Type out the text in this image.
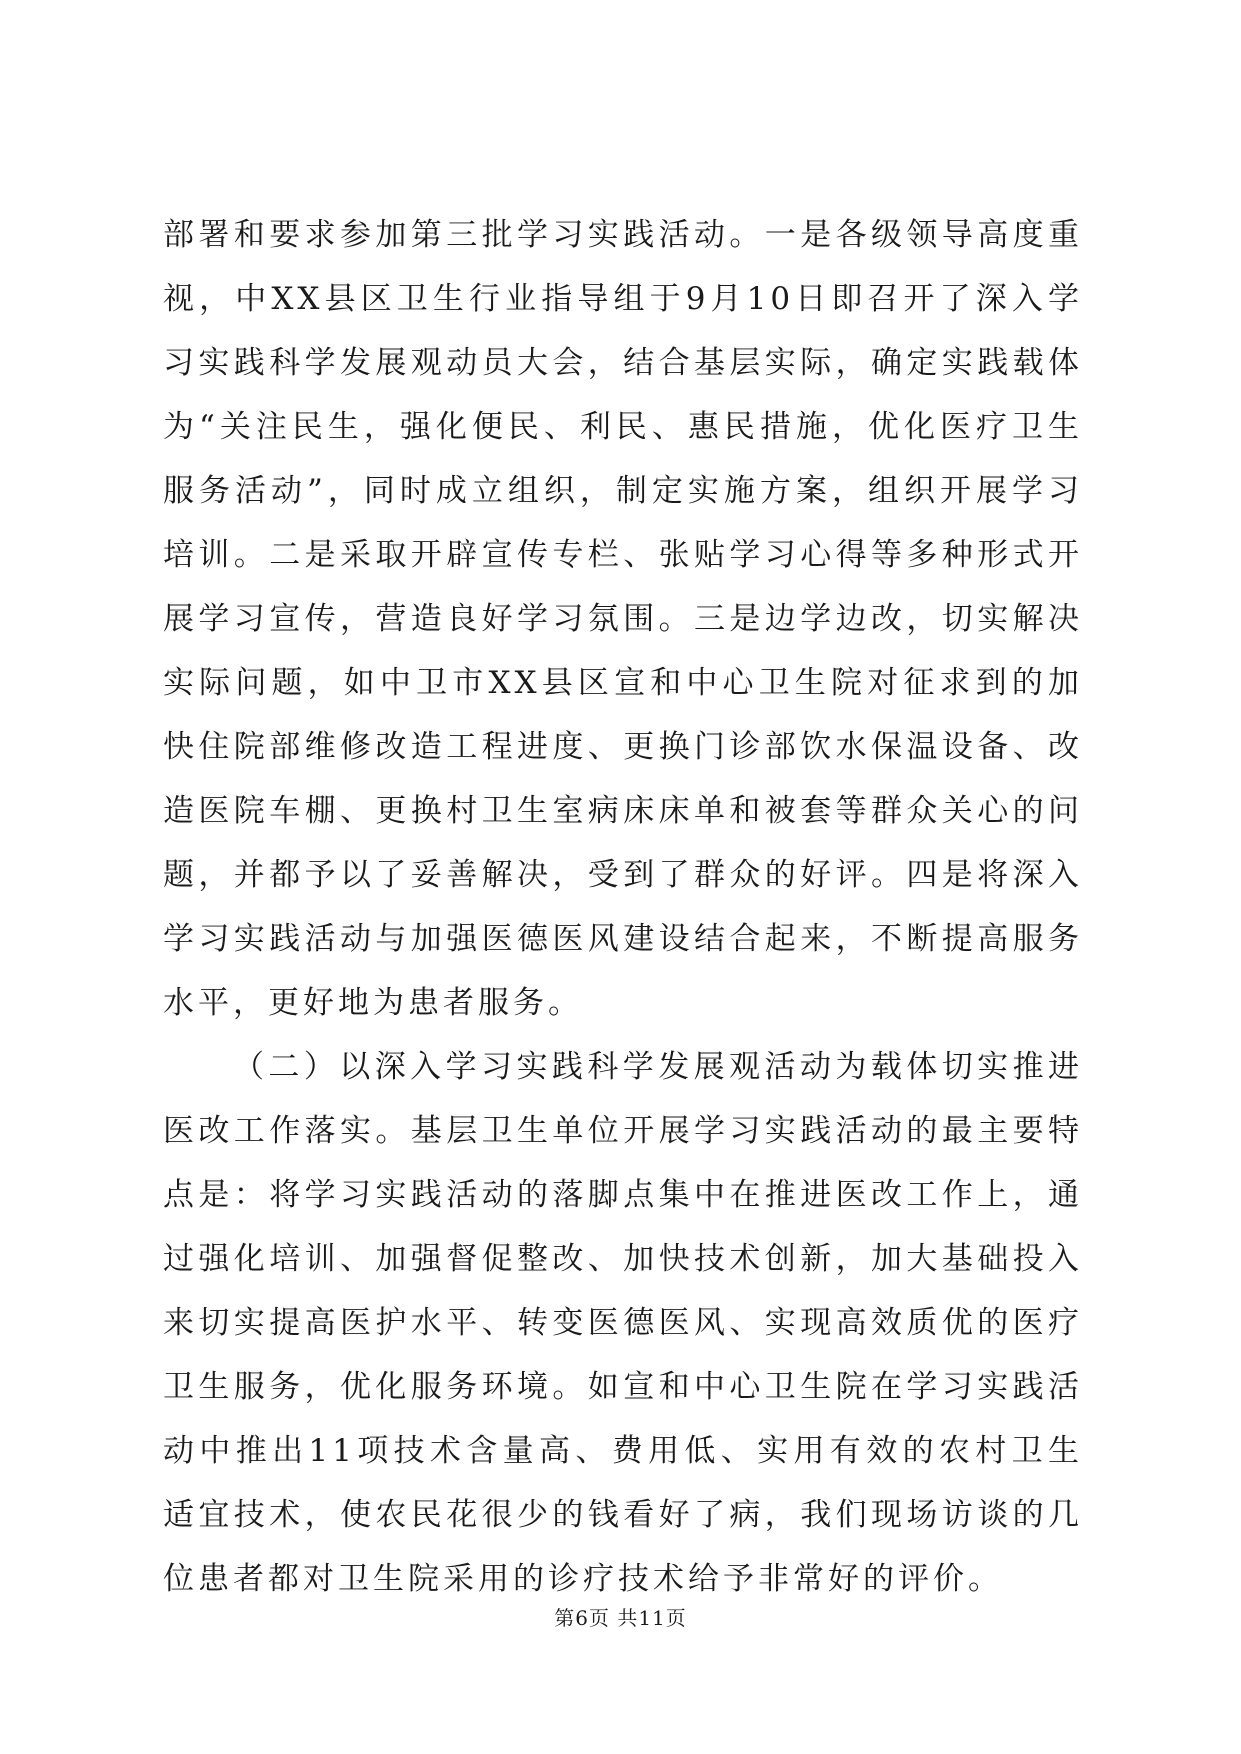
部署和要求参加第三批学习实践活动。一是各级领导高度重视，中XX县区卫生行业指导组于9月10日即召开了深入学习实践科学发展观动员大会，结合基层实际，确定实践载体为“关注民生，强化便民、利民、惠民措施，优化医疗卫生服务活动”，同时成立组织，制定实施方案，组织开展学习培训。二是采取开辟宣传专栏、张贴学习心得等多种形式开展学习宣传，营造良好学习氛围。三是边学边改，切实解决实际问题，如中卫市XX县区宣和中心卫生院对征求到的加快住院部维修改造工程进度、更换门诊部饮水保温设备、改造医院车棚、更换村卫生室病床床单和被套等群众关心的问题，并都予以了妥善解决，受到了群众的好评。四是将深入学习实践活动与加强医德医风建设结合起来，不断提高服务水平，更好地为患者服务。

（二）以深入学习实践科学发展观活动为载体切实推进医改工作落实。基层卫生单位开展学习实践活动的最主要特点是：将学习实践活动的落脚点集中在推进医改工作上，通过强化培训、加强督促整改、加快技术创新，加大基础投入来切实提高医护水平、转变医德医风、实现高效质优的医疗卫生服务，优化服务环境。如宣和中心卫生院在学习实践活动中推出11项技术含量高、费用低、实用有效的农村卫生适宜技术，使农民花很少的钱看好了病，我们现场访谈的几位患者都对卫生院采用的诊疗技术给予非常好的评价。

第6页 共11页
